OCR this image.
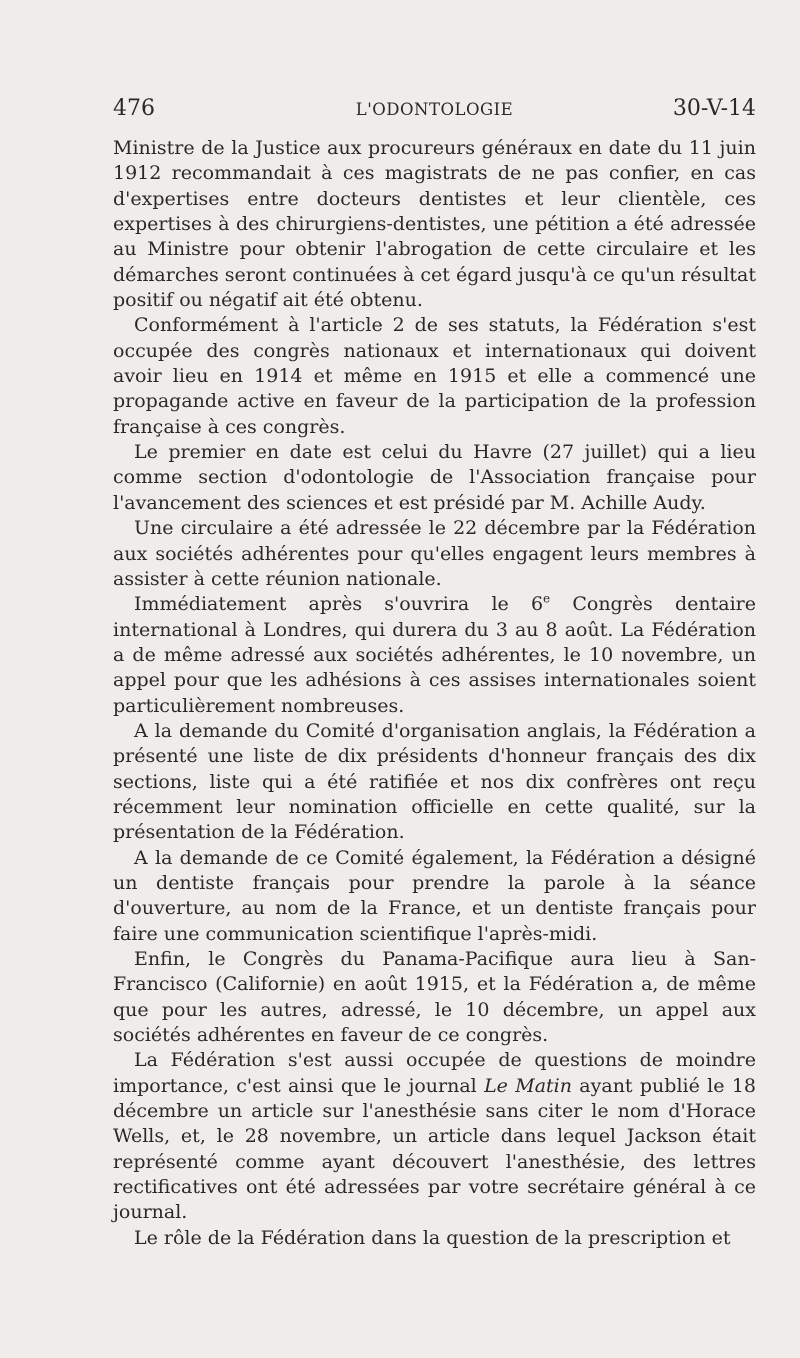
476	L'ODONTOLOGIE	30-V-14

Ministre de la Justice aux procureurs généraux en date du 11 juin 1912 recommandait à ces magistrats de ne pas confier, en cas d'expertises entre docteurs dentistes et leur clientèle, ces expertises à des chirurgiens-dentistes, une pétition a été adressée au Ministre pour obtenir l'abrogation de cette circulaire et les démarches seront continuées à cet égard jusqu'à ce qu'un résultat positif ou négatif ait été obtenu.

Conformément à l'article 2 de ses statuts, la Fédération s'est occupée des congrès nationaux et internationaux qui doivent avoir lieu en 1914 et même en 1915 et elle a commencé une propagande active en faveur de la participation de la profession française à ces congrès.

Le premier en date est celui du Havre (27 juillet) qui a lieu comme section d'odontologie de l'Association française pour l'avancement des sciences et est présidé par M. Achille Audy.

Une circulaire a été adressée le 22 décembre par la Fédération aux sociétés adhérentes pour qu'elles engagent leurs membres à assister à cette réunion nationale.

Immédiatement après s'ouvrira le 6e Congrès dentaire international à Londres, qui durera du 3 au 8 août. La Fédération a de même adressé aux sociétés adhérentes, le 10 novembre, un appel pour que les adhésions à ces assises internationales soient particulièrement nombreuses.

A la demande du Comité d'organisation anglais, la Fédération a présenté une liste de dix présidents d'honneur français des dix sections, liste qui a été ratifiée et nos dix confrères ont reçu récemment leur nomination officielle en cette qualité, sur la présentation de la Fédération.

A la demande de ce Comité également, la Fédération a désigné un dentiste français pour prendre la parole à la séance d'ouverture, au nom de la France, et un dentiste français pour faire une communication scientifique l'après-midi.

Enfin, le Congrès du Panama-Pacifique aura lieu à San-Francisco (Californie) en août 1915, et la Fédération a, de même que pour les autres, adressé, le 10 décembre, un appel aux sociétés adhérentes en faveur de ce congrès.

La Fédération s'est aussi occupée de questions de moindre importance, c'est ainsi que le journal Le Matin ayant publié le 18 décembre un article sur l'anesthésie sans citer le nom d'Horace Wells, et, le 28 novembre, un article dans lequel Jackson était représenté comme ayant découvert l'anesthésie, des lettres rectificatives ont été adressées par votre secrétaire général à ce journal.

Le rôle de la Fédération dans la question de la prescription et
